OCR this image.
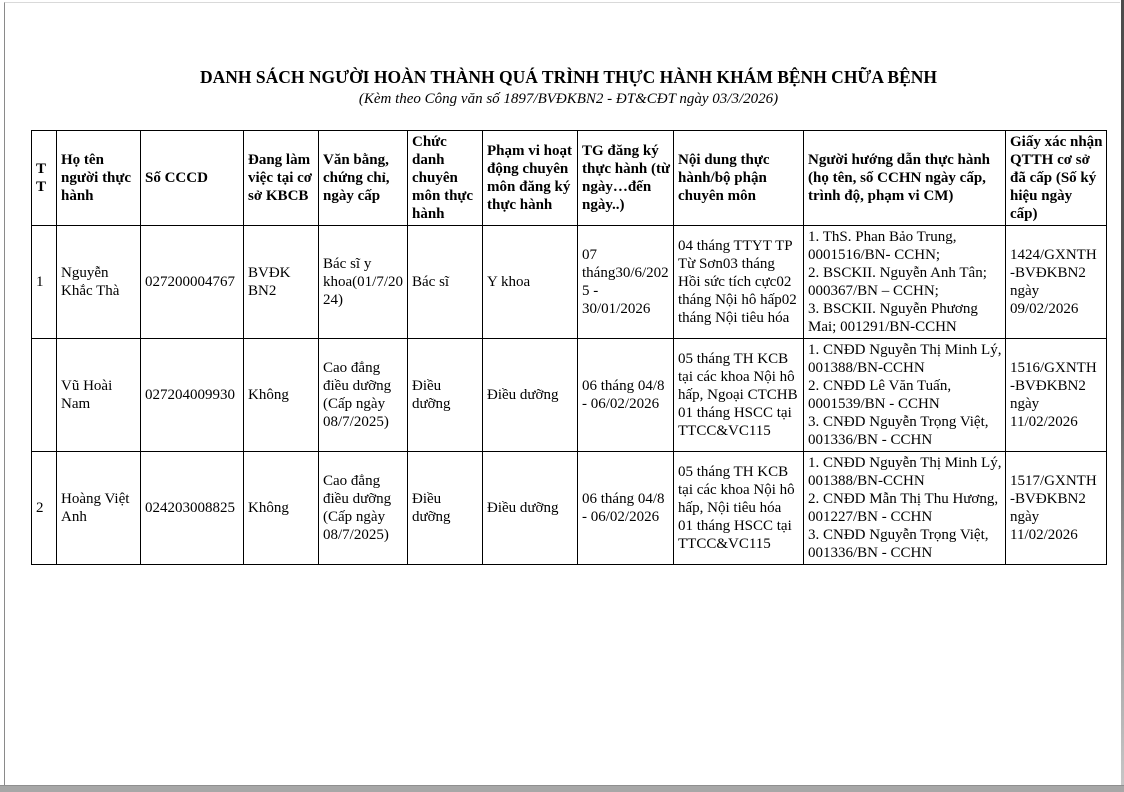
DANH SÁCH NGƯỜI HOÀN THÀNH QUÁ TRÌNH THỰC HÀNH KHÁM BỆNH CHỮA BỆNH
(Kèm theo Công văn số 1897/BVĐKBN2 - ĐT&CĐT ngày 03/3/2026)
TT	Họ tên người thực hành	Số CCCD	Đang làm việc tại cơ sở KBCB	Văn bằng, chứng chỉ, ngày cấp	Chức danh chuyên môn thực hành	Phạm vi hoạt động chuyên môn đăng ký thực hành	TG đăng ký thực hành (từ ngày…đến ngày..)	Nội dung thực hành/bộ phận chuyên môn	Người hướng dẫn thực hành (họ tên, số CCHN ngày cấp, trình độ, phạm vi CM)	Giấy xác nhận QTTH cơ sở đã cấp (Số ký hiệu ngày cấp)
1	Nguyễn Khắc Thà	027200004767	BVĐK BN2	Bác sĩ y khoa(01/7/2024)	Bác sĩ	Y khoa	07 tháng30/6/2025 - 30/01/2026	04 tháng TTYT TP Từ Sơn03 tháng Hồi sức tích cực02 tháng Nội hô hấp02 tháng Nội tiêu hóa	1. ThS. Phan Bảo Trung, 0001516/BN- CCHN;
2. BSCKII. Nguyễn Anh Tân; 000367/BN – CCHN;
3. BSCKII. Nguyễn Phương Mai; 001291/BN-CCHN	1424/GXNTH -BVĐKBN2 ngày 09/02/2026
	Vũ Hoài Nam	027204009930	Không	Cao đẳng điều dưỡng (Cấp ngày 08/7/2025)	Điều dưỡng	Điều dưỡng	06 tháng 04/8 - 06/02/2026	05 tháng TH KCB tại các khoa Nội hô hấp, Ngoại CTCHB
01 tháng HSCC tại TTCC&VC115	1. CNĐD Nguyễn Thị Minh Lý, 001388/BN-CCHN
2. CNĐD Lê Văn Tuấn, 0001539/BN - CCHN
3. CNĐD Nguyễn Trọng Việt, 001336/BN - CCHN	1516/GXNTH -BVĐKBN2 ngày 11/02/2026
2	Hoàng Việt Anh	024203008825	Không	Cao đẳng điều dưỡng (Cấp ngày 08/7/2025)	Điều dưỡng	Điều dưỡng	06 tháng 04/8 - 06/02/2026	05 tháng TH KCB tại các khoa Nội hô hấp, Nội tiêu hóa
01 tháng HSCC tại TTCC&VC115	1. CNĐD Nguyễn Thị Minh Lý, 001388/BN-CCHN
2. CNĐD Mẫn Thị Thu Hương, 001227/BN - CCHN
3. CNĐD Nguyễn Trọng Việt, 001336/BN - CCHN	1517/GXNTH -BVĐKBN2 ngày 11/02/2026
